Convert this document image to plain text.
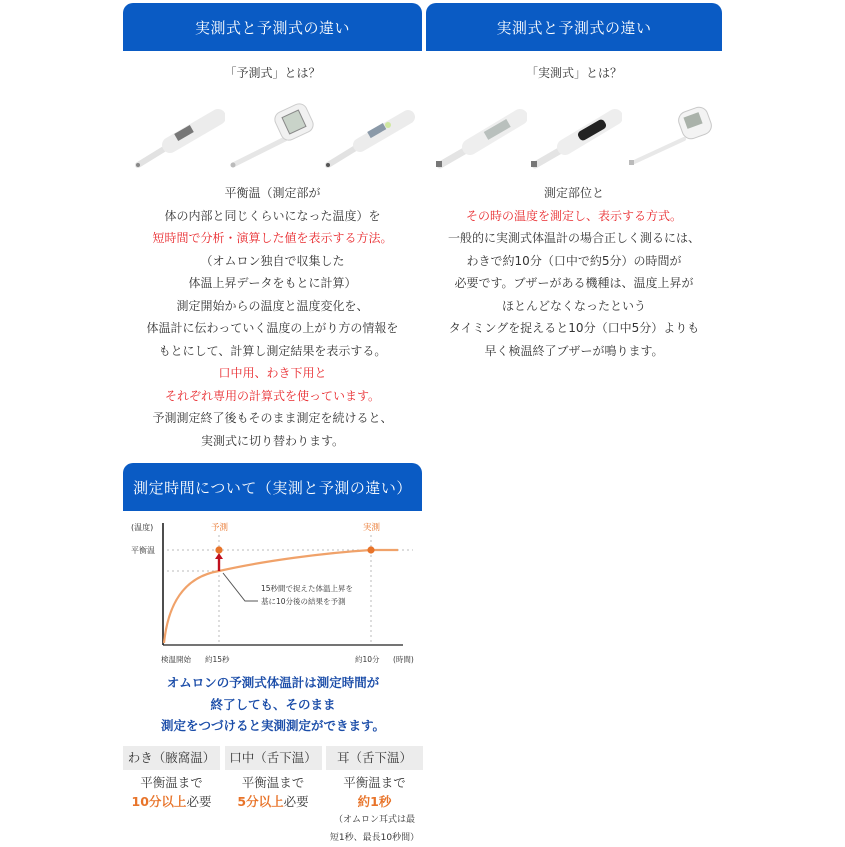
実測式と予測式の違い
「予測式」とは？
平衡温（測定部が
体の内部と同じくらいになった温度）を
短時間で分析・演算した値を表示する方法。
（オムロン独自で収集した
体温上昇データをもとに計算）
測定開始からの温度と温度変化を、
体温計に伝わっていく温度の上がり方の情報を
もとにして、計算し測定結果を表示する。
口中用、わき下用と
それぞれ専用の計算式を使っています。
予測測定終了後もそのまま測定を続けると、
実測式に切り替わります。
実測式と予測式の違い
「実測式」とは？
測定部位と
その時の温度を測定し、表示する方式。
一般的に実測式体温計の場合正しく測るには、
わきで約10分（口中で約5分）の時間が
必要です。ブザーがある機種は、温度上昇が
ほとんどなくなったという
タイミングを捉えると10分（口中5分）よりも
早く検温終了ブザーが鳴ります。
測定時間について（実測と予測の違い）
(温度)
平衡温
予測	実測
15秒間で捉えた体温上昇を
基に10分後の結果を予測
検温開始 約15秒	約10分 (時間)
オムロンの予測式体温計は測定時間が
終了しても、そのまま
測定をつづけると実測測定ができます。
わき（腋窩温）
平衡温まで
10分以上必要
口中（舌下温）
平衡温まで
5分以上必要
耳（舌下温）
平衡温まで
約1秒
（オムロン耳式は最
短1秒、最長10秒間）
